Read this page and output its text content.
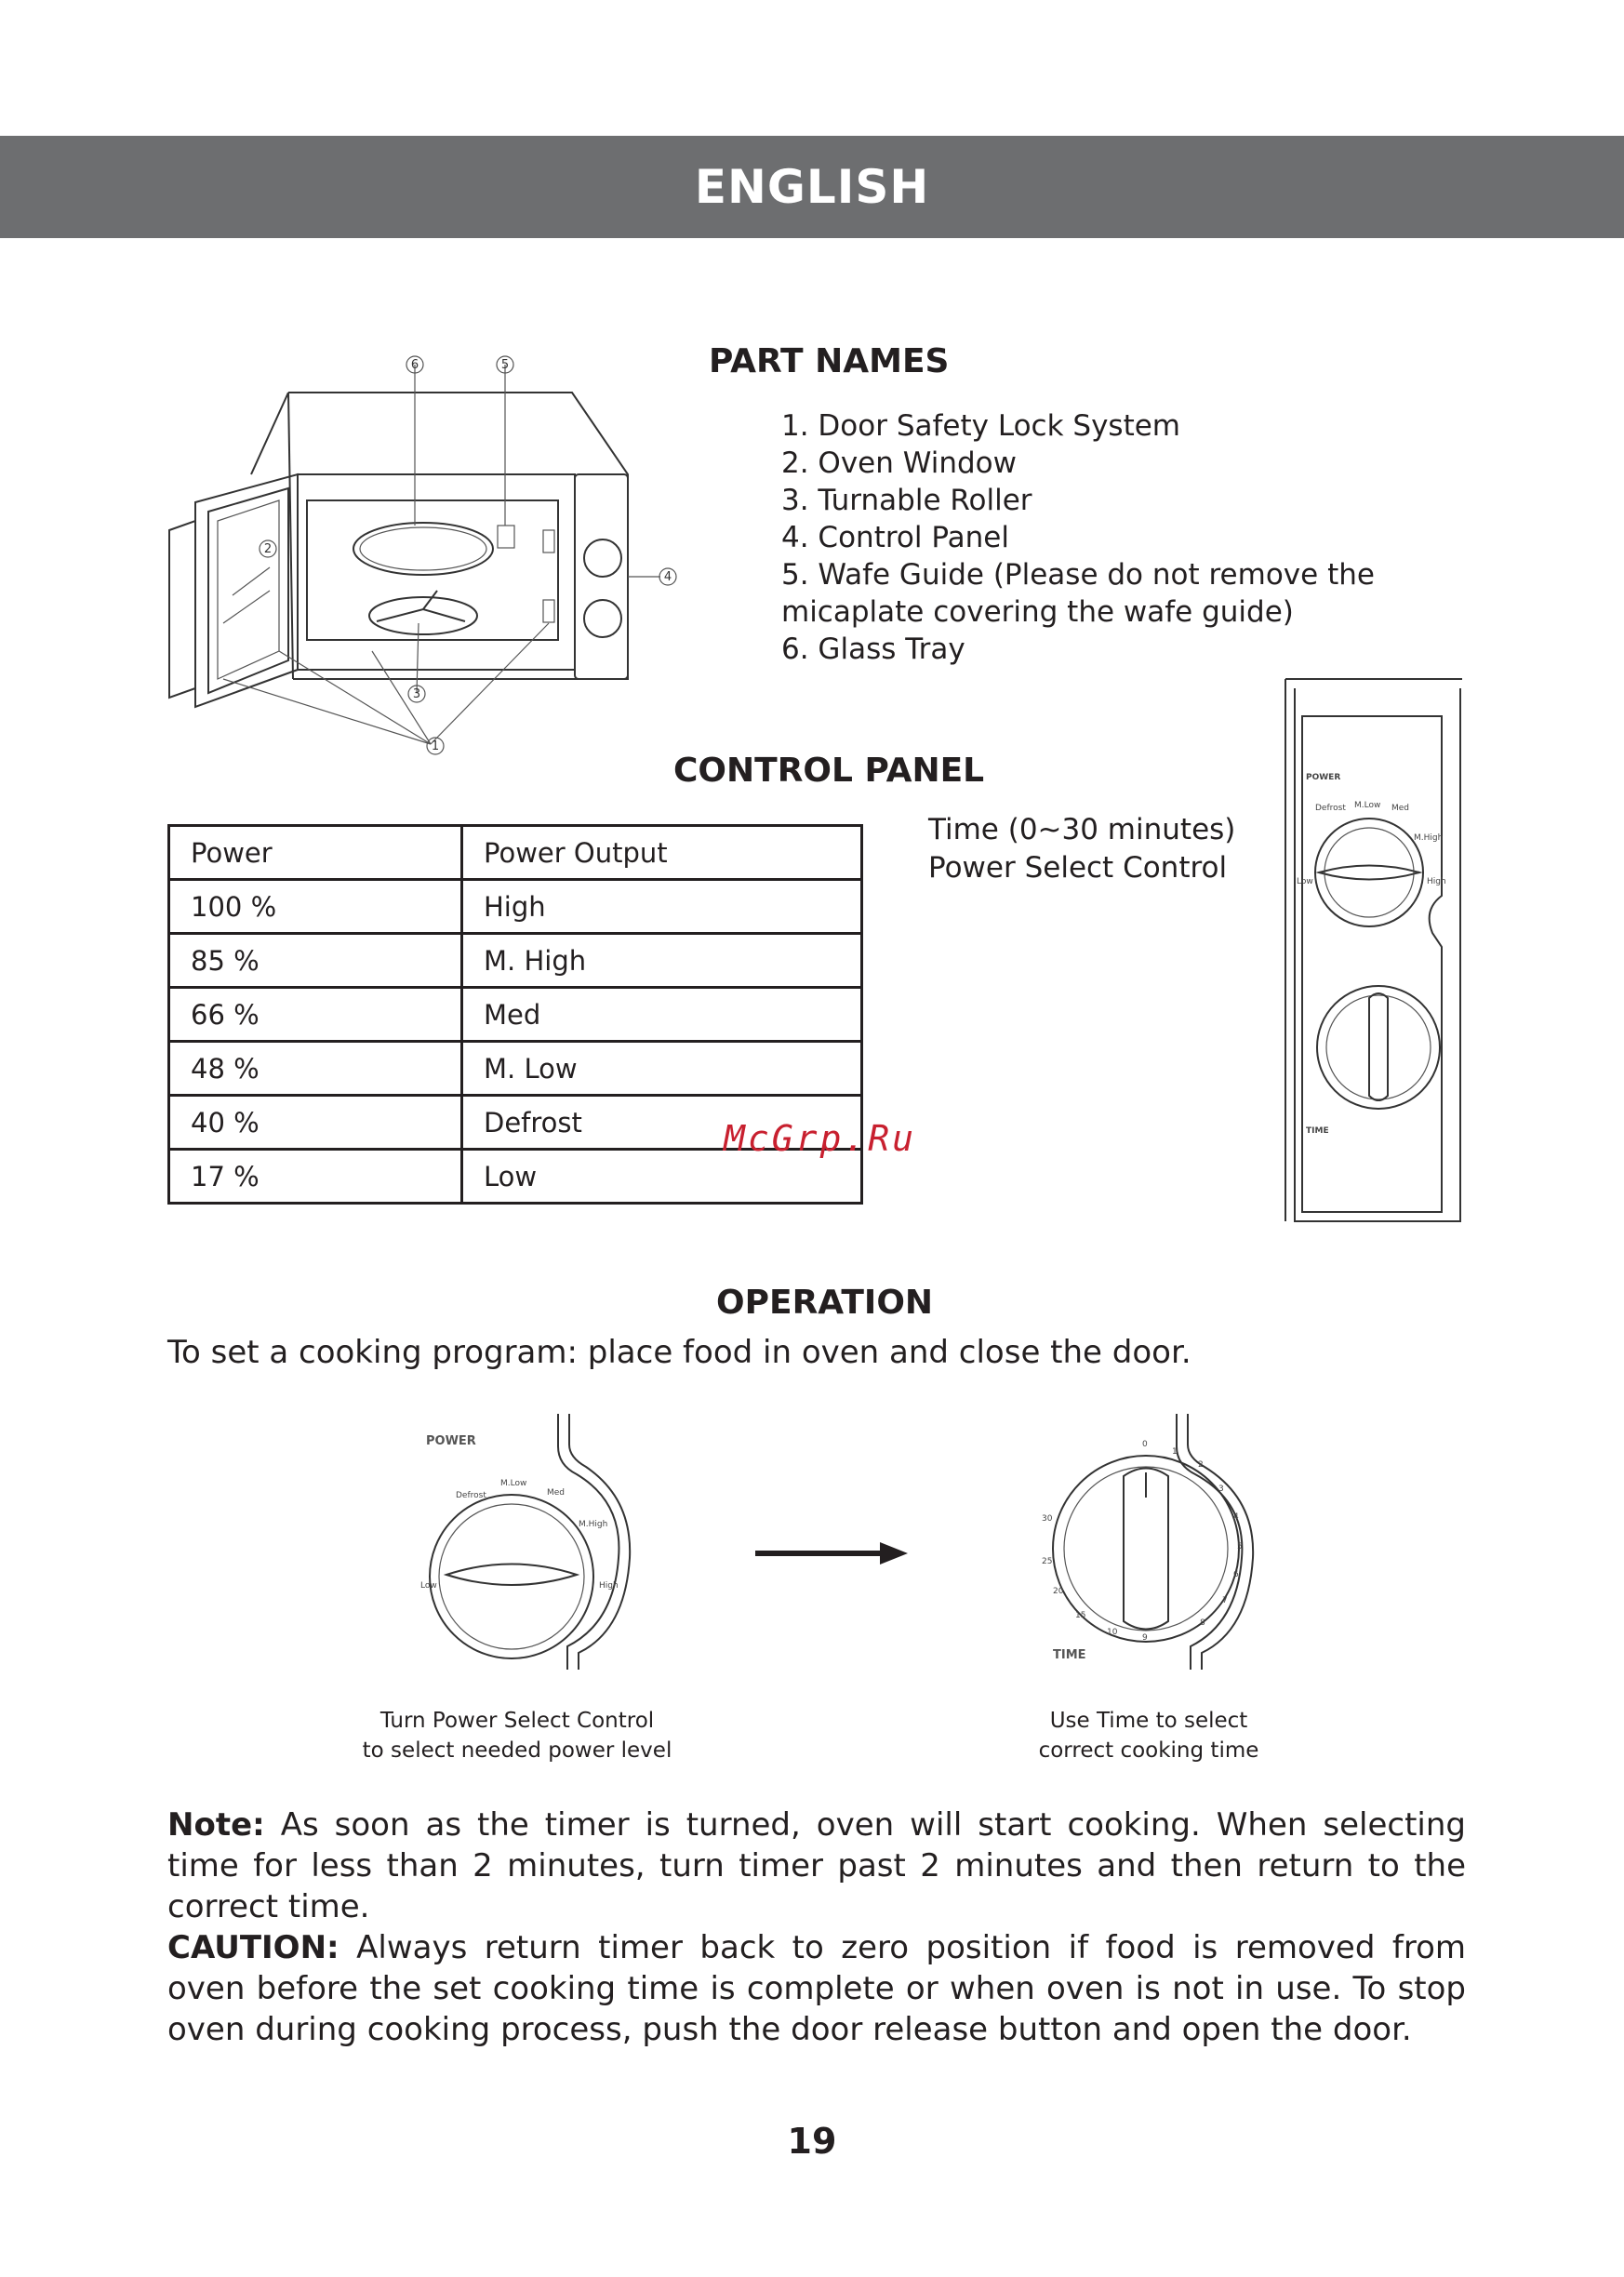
ENGLISH
6	5
2
4
3
1
PART NAMES
1. Door Safety Lock System
2. Oven Window
3. Turnable Roller
4. Control Panel
5. Wafe Guide (Please do not remove the micaplate covering the wafe guide)
6. Glass Tray
CONTROL PANEL
Power	Power Output
100 %	High
85 %	M. High
66 %	Med
48 %	M. Low
40 %	Defrost
17 %	Low
Time (0~30 minutes)
Power Select Control
POWER
Defrost M.Low Med
M.High
Low	High
TIME
McGrp.Ru
OPERATION
To set a cooking program: place food in oven and close the door.
POWER
Defrost
M.Low
Med
M.High
Low	High
0
1
2
3
4
5
6
7
8
9
10
15
20
25
30
TIME
Turn Power Select Control
to select needed power level
Use Time to select
correct cooking time
Note: As soon as the timer is turned, oven will start cooking. When selecting time for less than 2 minutes, turn timer past 2 minutes and then return to the correct time.
CAUTION: Always return timer back to zero position if food is removed from oven before the set cooking time is complete or when oven is not in use. To stop oven during cooking process, push the door release button and open the door.
19
